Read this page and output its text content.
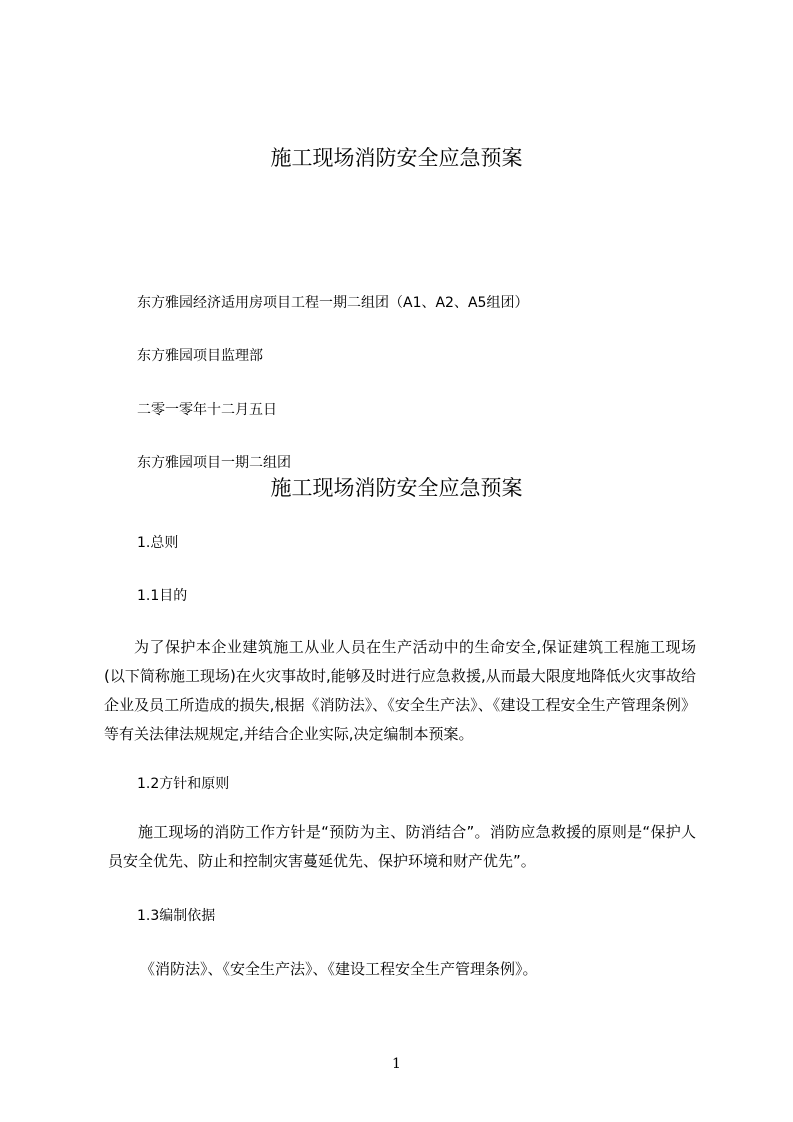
施工现场消防安全应急预案
东方雅园经济适用房项目工程一期二组团（A1、A2、A5组团）
东方雅园项目监理部
二零一零年十二月五日
东方雅园项目一期二组团
施工现场消防安全应急预案
1.总则
1.1目的
为了保护本企业建筑施工从业人员在生产活动中的生命安全,保证建筑工程施工现场(以下简称施工现场)在火灾事故时,能够及时进行应急救援,从而最大限度地降低火灾事故给企业及员工所造成的损失,根据《消防法》、《安全生产法》、《建设工程安全生产管理条例》等有关法律法规规定,并结合企业实际,决定编制本预案。
1.2方针和原则
施工现场的消防工作方针是“预防为主、防消结合”。消防应急救援的原则是“保护人员安全优先、防止和控制灾害蔓延优先、保护环境和财产优先”。
1.3编制依据
《消防法》、《安全生产法》、《建设工程安全生产管理条例》。
1
